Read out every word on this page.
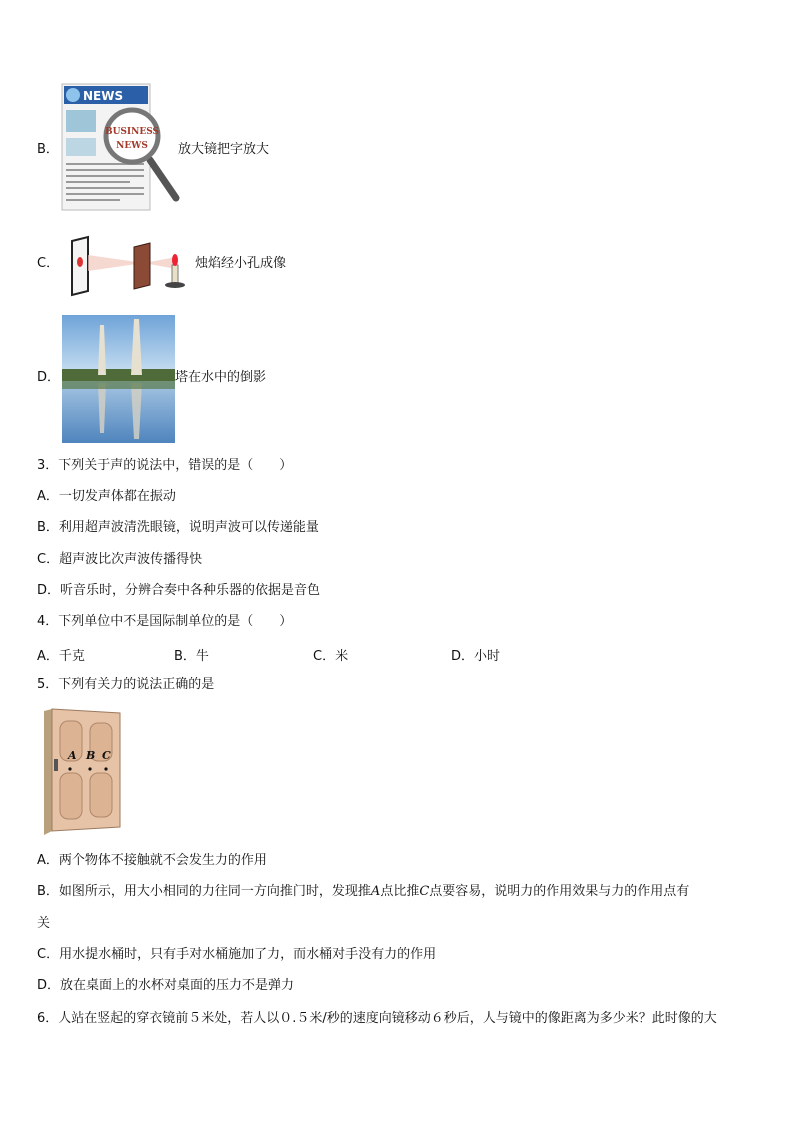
B．
NEWS
BUSINESS
NEWS 放大镜把字放大
C．	烛焰经小孔成像
D．	塔在水中的倒影
3．下列关于声的说法中，错误的是（　　）
A．一切发声体都在振动
B．利用超声波清洗眼镜，说明声波可以传递能量
C．超声波比次声波传播得快
D．听音乐时，分辨合奏中各种乐器的依据是音色
4．下列单位中不是国际制单位的是（　　）
A．千克	B．牛	C．米	D．小时
5．下列有关力的说法正确的是
A B C
A．两个物体不接触就不会发生力的作用
B．如图所示，用大小相同的力往同一方向推门时，发现推A点比推C点要容易，说明力的作用效果与力的作用点有
关
C．用水提水桶时，只有手对水桶施加了力，而水桶对手没有力的作用
D．放在桌面上的水杯对桌面的压力不是弹力
6．人站在竖起的穿衣镜前５米处，若人以０.５米/秒的速度向镜移动６秒后，人与镜中的像距离为多少米？此时像的大
